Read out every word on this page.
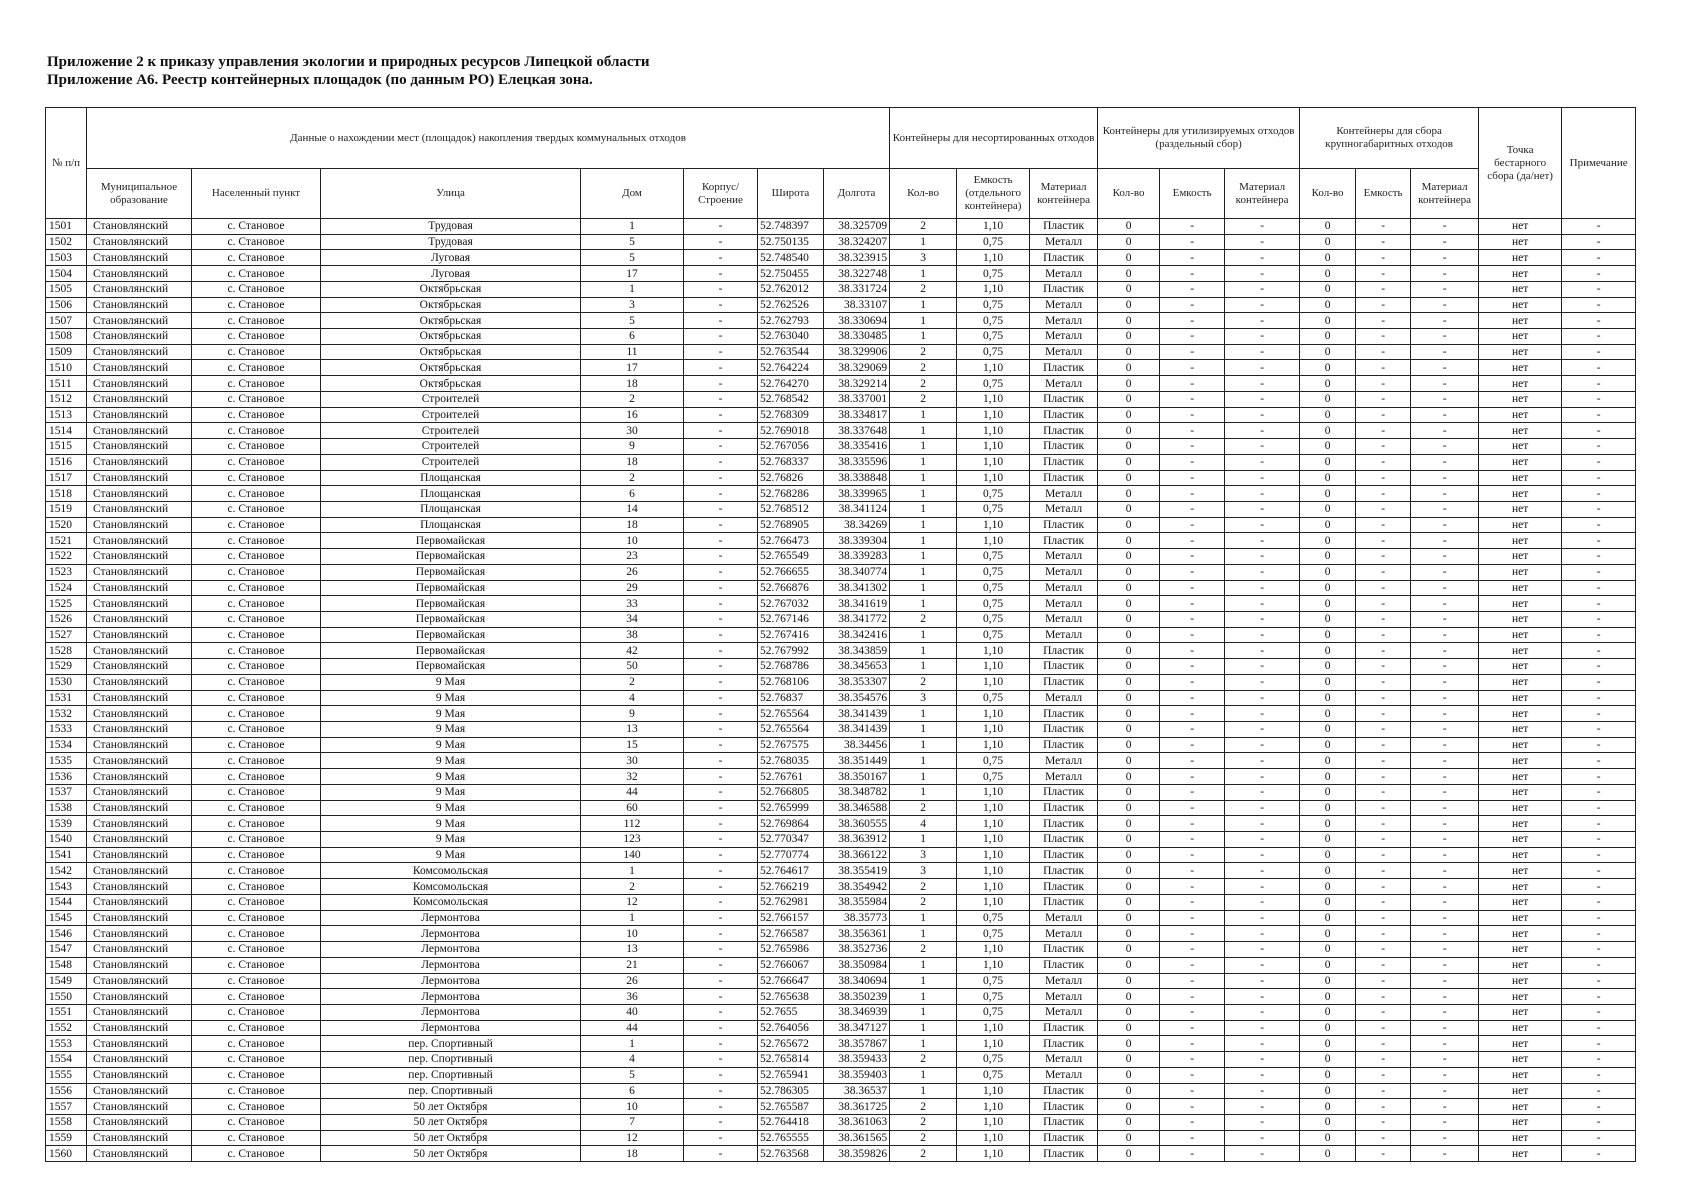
Приложение 2 к приказу управления экологии и природных ресурсов Липецкой области
Приложение А6. Реестр контейнерных площадок (по данным РО) Елецкая зона.
№ п/п	Данные о нахождении мест (площадок) накопления твердых коммунальных отходов							Контейнеры для несортированных отходов			Контейнеры для утилизируемых отходов (раздельный сбор)			Контейнеры для сбора крупногабаритных отходов			Точка бестарного сбора (да/нет)	Примечание
	Муниципальное образование	Населенный пункт	Улица	Дом	Корпус/ Строение	Широта	Долгота	Кол-во	Емкость (отдельного контейнера)	Материал контейнера	Кол-во	Емкость	Материал контейнера	Кол-во	Емкость	Материал контейнера		
1501	Становлянский	с. Становое	Трудовая	1	-	52.748397	38.325709	2	1,10	Пластик	0	-	-	0	-	-	нет	-
1502	Становлянский	с. Становое	Трудовая	5	-	52.750135	38.324207	1	0,75	Металл	0	-	-	0	-	-	нет	-
1503	Становлянский	с. Становое	Луговая	5	-	52.748540	38.323915	3	1,10	Пластик	0	-	-	0	-	-	нет	-
1504	Становлянский	с. Становое	Луговая	17	-	52.750455	38.322748	1	0,75	Металл	0	-	-	0	-	-	нет	-
1505	Становлянский	с. Становое	Октябрьская	1	-	52.762012	38.331724	2	1,10	Пластик	0	-	-	0	-	-	нет	-
1506	Становлянский	с. Становое	Октябрьская	3	-	52.762526	38.33107	1	0,75	Металл	0	-	-	0	-	-	нет	-
1507	Становлянский	с. Становое	Октябрьская	5	-	52.762793	38.330694	1	0,75	Металл	0	-	-	0	-	-	нет	-
1508	Становлянский	с. Становое	Октябрьская	6	-	52.763040	38.330485	1	0,75	Металл	0	-	-	0	-	-	нет	-
1509	Становлянский	с. Становое	Октябрьская	11	-	52.763544	38.329906	2	0,75	Металл	0	-	-	0	-	-	нет	-
1510	Становлянский	с. Становое	Октябрьская	17	-	52.764224	38.329069	2	1,10	Пластик	0	-	-	0	-	-	нет	-
1511	Становлянский	с. Становое	Октябрьская	18	-	52.764270	38.329214	2	0,75	Металл	0	-	-	0	-	-	нет	-
1512	Становлянский	с. Становое	Строителей	2	-	52.768542	38.337001	2	1,10	Пластик	0	-	-	0	-	-	нет	-
1513	Становлянский	с. Становое	Строителей	16	-	52.768309	38.334817	1	1,10	Пластик	0	-	-	0	-	-	нет	-
1514	Становлянский	с. Становое	Строителей	30	-	52.769018	38.337648	1	1,10	Пластик	0	-	-	0	-	-	нет	-
1515	Становлянский	с. Становое	Строителей	9	-	52.767056	38.335416	1	1,10	Пластик	0	-	-	0	-	-	нет	-
1516	Становлянский	с. Становое	Строителей	18	-	52.768337	38.335596	1	1,10	Пластик	0	-	-	0	-	-	нет	-
1517	Становлянский	с. Становое	Площанская	2	-	52.76826	38.338848	1	1,10	Пластик	0	-	-	0	-	-	нет	-
1518	Становлянский	с. Становое	Площанская	6	-	52.768286	38.339965	1	0,75	Металл	0	-	-	0	-	-	нет	-
1519	Становлянский	с. Становое	Площанская	14	-	52.768512	38.341124	1	0,75	Металл	0	-	-	0	-	-	нет	-
1520	Становлянский	с. Становое	Площанская	18	-	52.768905	38.34269	1	1,10	Пластик	0	-	-	0	-	-	нет	-
1521	Становлянский	с. Становое	Первомайская	10	-	52.766473	38.339304	1	1,10	Пластик	0	-	-	0	-	-	нет	-
1522	Становлянский	с. Становое	Первомайская	23	-	52.765549	38.339283	1	0,75	Металл	0	-	-	0	-	-	нет	-
1523	Становлянский	с. Становое	Первомайская	26	-	52.766655	38.340774	1	0,75	Металл	0	-	-	0	-	-	нет	-
1524	Становлянский	с. Становое	Первомайская	29	-	52.766876	38.341302	1	0,75	Металл	0	-	-	0	-	-	нет	-
1525	Становлянский	с. Становое	Первомайская	33	-	52.767032	38.341619	1	0,75	Металл	0	-	-	0	-	-	нет	-
1526	Становлянский	с. Становое	Первомайская	34	-	52.767146	38.341772	2	0,75	Металл	0	-	-	0	-	-	нет	-
1527	Становлянский	с. Становое	Первомайская	38	-	52.767416	38.342416	1	0,75	Металл	0	-	-	0	-	-	нет	-
1528	Становлянский	с. Становое	Первомайская	42	-	52.767992	38.343859	1	1,10	Пластик	0	-	-	0	-	-	нет	-
1529	Становлянский	с. Становое	Первомайская	50	-	52.768786	38.345653	1	1,10	Пластик	0	-	-	0	-	-	нет	-
1530	Становлянский	с. Становое	9 Мая	2	-	52.768106	38.353307	2	1,10	Пластик	0	-	-	0	-	-	нет	-
1531	Становлянский	с. Становое	9 Мая	4	-	52.76837	38.354576	3	0,75	Металл	0	-	-	0	-	-	нет	-
1532	Становлянский	с. Становое	9 Мая	9	-	52.765564	38.341439	1	1,10	Пластик	0	-	-	0	-	-	нет	-
1533	Становлянский	с. Становое	9 Мая	13	-	52.765564	38.341439	1	1,10	Пластик	0	-	-	0	-	-	нет	-
1534	Становлянский	с. Становое	9 Мая	15	-	52.767575	38.34456	1	1,10	Пластик	0	-	-	0	-	-	нет	-
1535	Становлянский	с. Становое	9 Мая	30	-	52.768035	38.351449	1	0,75	Металл	0	-	-	0	-	-	нет	-
1536	Становлянский	с. Становое	9 Мая	32	-	52.76761	38.350167	1	0,75	Металл	0	-	-	0	-	-	нет	-
1537	Становлянский	с. Становое	9 Мая	44	-	52.766805	38.348782	1	1,10	Пластик	0	-	-	0	-	-	нет	-
1538	Становлянский	с. Становое	9 Мая	60	-	52.765999	38.346588	2	1,10	Пластик	0	-	-	0	-	-	нет	-
1539	Становлянский	с. Становое	9 Мая	112	-	52.769864	38.360555	4	1,10	Пластик	0	-	-	0	-	-	нет	-
1540	Становлянский	с. Становое	9 Мая	123	-	52.770347	38.363912	1	1,10	Пластик	0	-	-	0	-	-	нет	-
1541	Становлянский	с. Становое	9 Мая	140	-	52.770774	38.366122	3	1,10	Пластик	0	-	-	0	-	-	нет	-
1542	Становлянский	с. Становое	Комсомольская	1	-	52.764617	38.355419	3	1,10	Пластик	0	-	-	0	-	-	нет	-
1543	Становлянский	с. Становое	Комсомольская	2	-	52.766219	38.354942	2	1,10	Пластик	0	-	-	0	-	-	нет	-
1544	Становлянский	с. Становое	Комсомольская	12	-	52.762981	38.355984	2	1,10	Пластик	0	-	-	0	-	-	нет	-
1545	Становлянский	с. Становое	Лермонтова	1	-	52.766157	38.35773	1	0,75	Металл	0	-	-	0	-	-	нет	-
1546	Становлянский	с. Становое	Лермонтова	10	-	52.766587	38.356361	1	0,75	Металл	0	-	-	0	-	-	нет	-
1547	Становлянский	с. Становое	Лермонтова	13	-	52.765986	38.352736	2	1,10	Пластик	0	-	-	0	-	-	нет	-
1548	Становлянский	с. Становое	Лермонтова	21	-	52.766067	38.350984	1	1,10	Пластик	0	-	-	0	-	-	нет	-
1549	Становлянский	с. Становое	Лермонтова	26	-	52.766647	38.340694	1	0,75	Металл	0	-	-	0	-	-	нет	-
1550	Становлянский	с. Становое	Лермонтова	36	-	52.765638	38.350239	1	0,75	Металл	0	-	-	0	-	-	нет	-
1551	Становлянский	с. Становое	Лермонтова	40	-	52.7655	38.346939	1	0,75	Металл	0	-	-	0	-	-	нет	-
1552	Становлянский	с. Становое	Лермонтова	44	-	52.764056	38.347127	1	1,10	Пластик	0	-	-	0	-	-	нет	-
1553	Становлянский	с. Становое	пер. Спортивный	1	-	52.765672	38.357867	1	1,10	Пластик	0	-	-	0	-	-	нет	-
1554	Становлянский	с. Становое	пер. Спортивный	4	-	52.765814	38.359433	2	0,75	Металл	0	-	-	0	-	-	нет	-
1555	Становлянский	с. Становое	пер. Спортивный	5	-	52.765941	38.359403	1	0,75	Металл	0	-	-	0	-	-	нет	-
1556	Становлянский	с. Становое	пер. Спортивный	6	-	52.786305	38.36537	1	1,10	Пластик	0	-	-	0	-	-	нет	-
1557	Становлянский	с. Становое	50 лет Октября	10	-	52.765587	38.361725	2	1,10	Пластик	0	-	-	0	-	-	нет	-
1558	Становлянский	с. Становое	50 лет Октября	7	-	52.764418	38.361063	2	1,10	Пластик	0	-	-	0	-	-	нет	-
1559	Становлянский	с. Становое	50 лет Октября	12	-	52.765555	38.361565	2	1,10	Пластик	0	-	-	0	-	-	нет	-
1560	Становлянский	с. Становое	50 лет Октября	18	-	52.763568	38.359826	2	1,10	Пластик	0	-	-	0	-	-	нет	-
